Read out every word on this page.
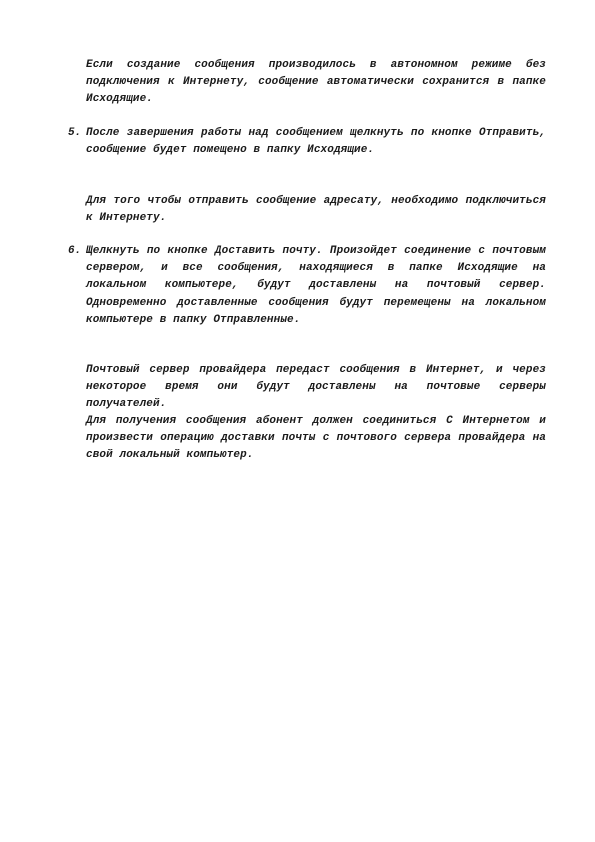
Если создание сообщения производилось в автономном режиме без подключения к Интернету, сообщение автоматически сохранится в папке Исходящие.

5. После завершения работы над сообщением щелкнуть по кнопке Отправить, сообщение будет помещено в папку Исходящие.

Для того чтобы отправить сообщение адресату, необходимо подключиться к Интернету.

6. Щелкнуть по кнопке Доставить почту. Произойдет соединение с почтовым сервером, и все сообщения, находящиеся в папке Исходящие на локальном компьютере, будут доставлены на почтовый сервер. Одновременно доставленные сообщения будут перемещены на локальном компьютере в папку Отправленные.

Почтовый сервер провайдера передаст сообщения в Интернет, и через некоторое время они будут доставлены на почтовые серверы получателей.

Для получения сообщения абонент должен соединиться С Интернетом и произвести операцию доставки почты с почтового сервера провайдера на свой локальный компьютер.
